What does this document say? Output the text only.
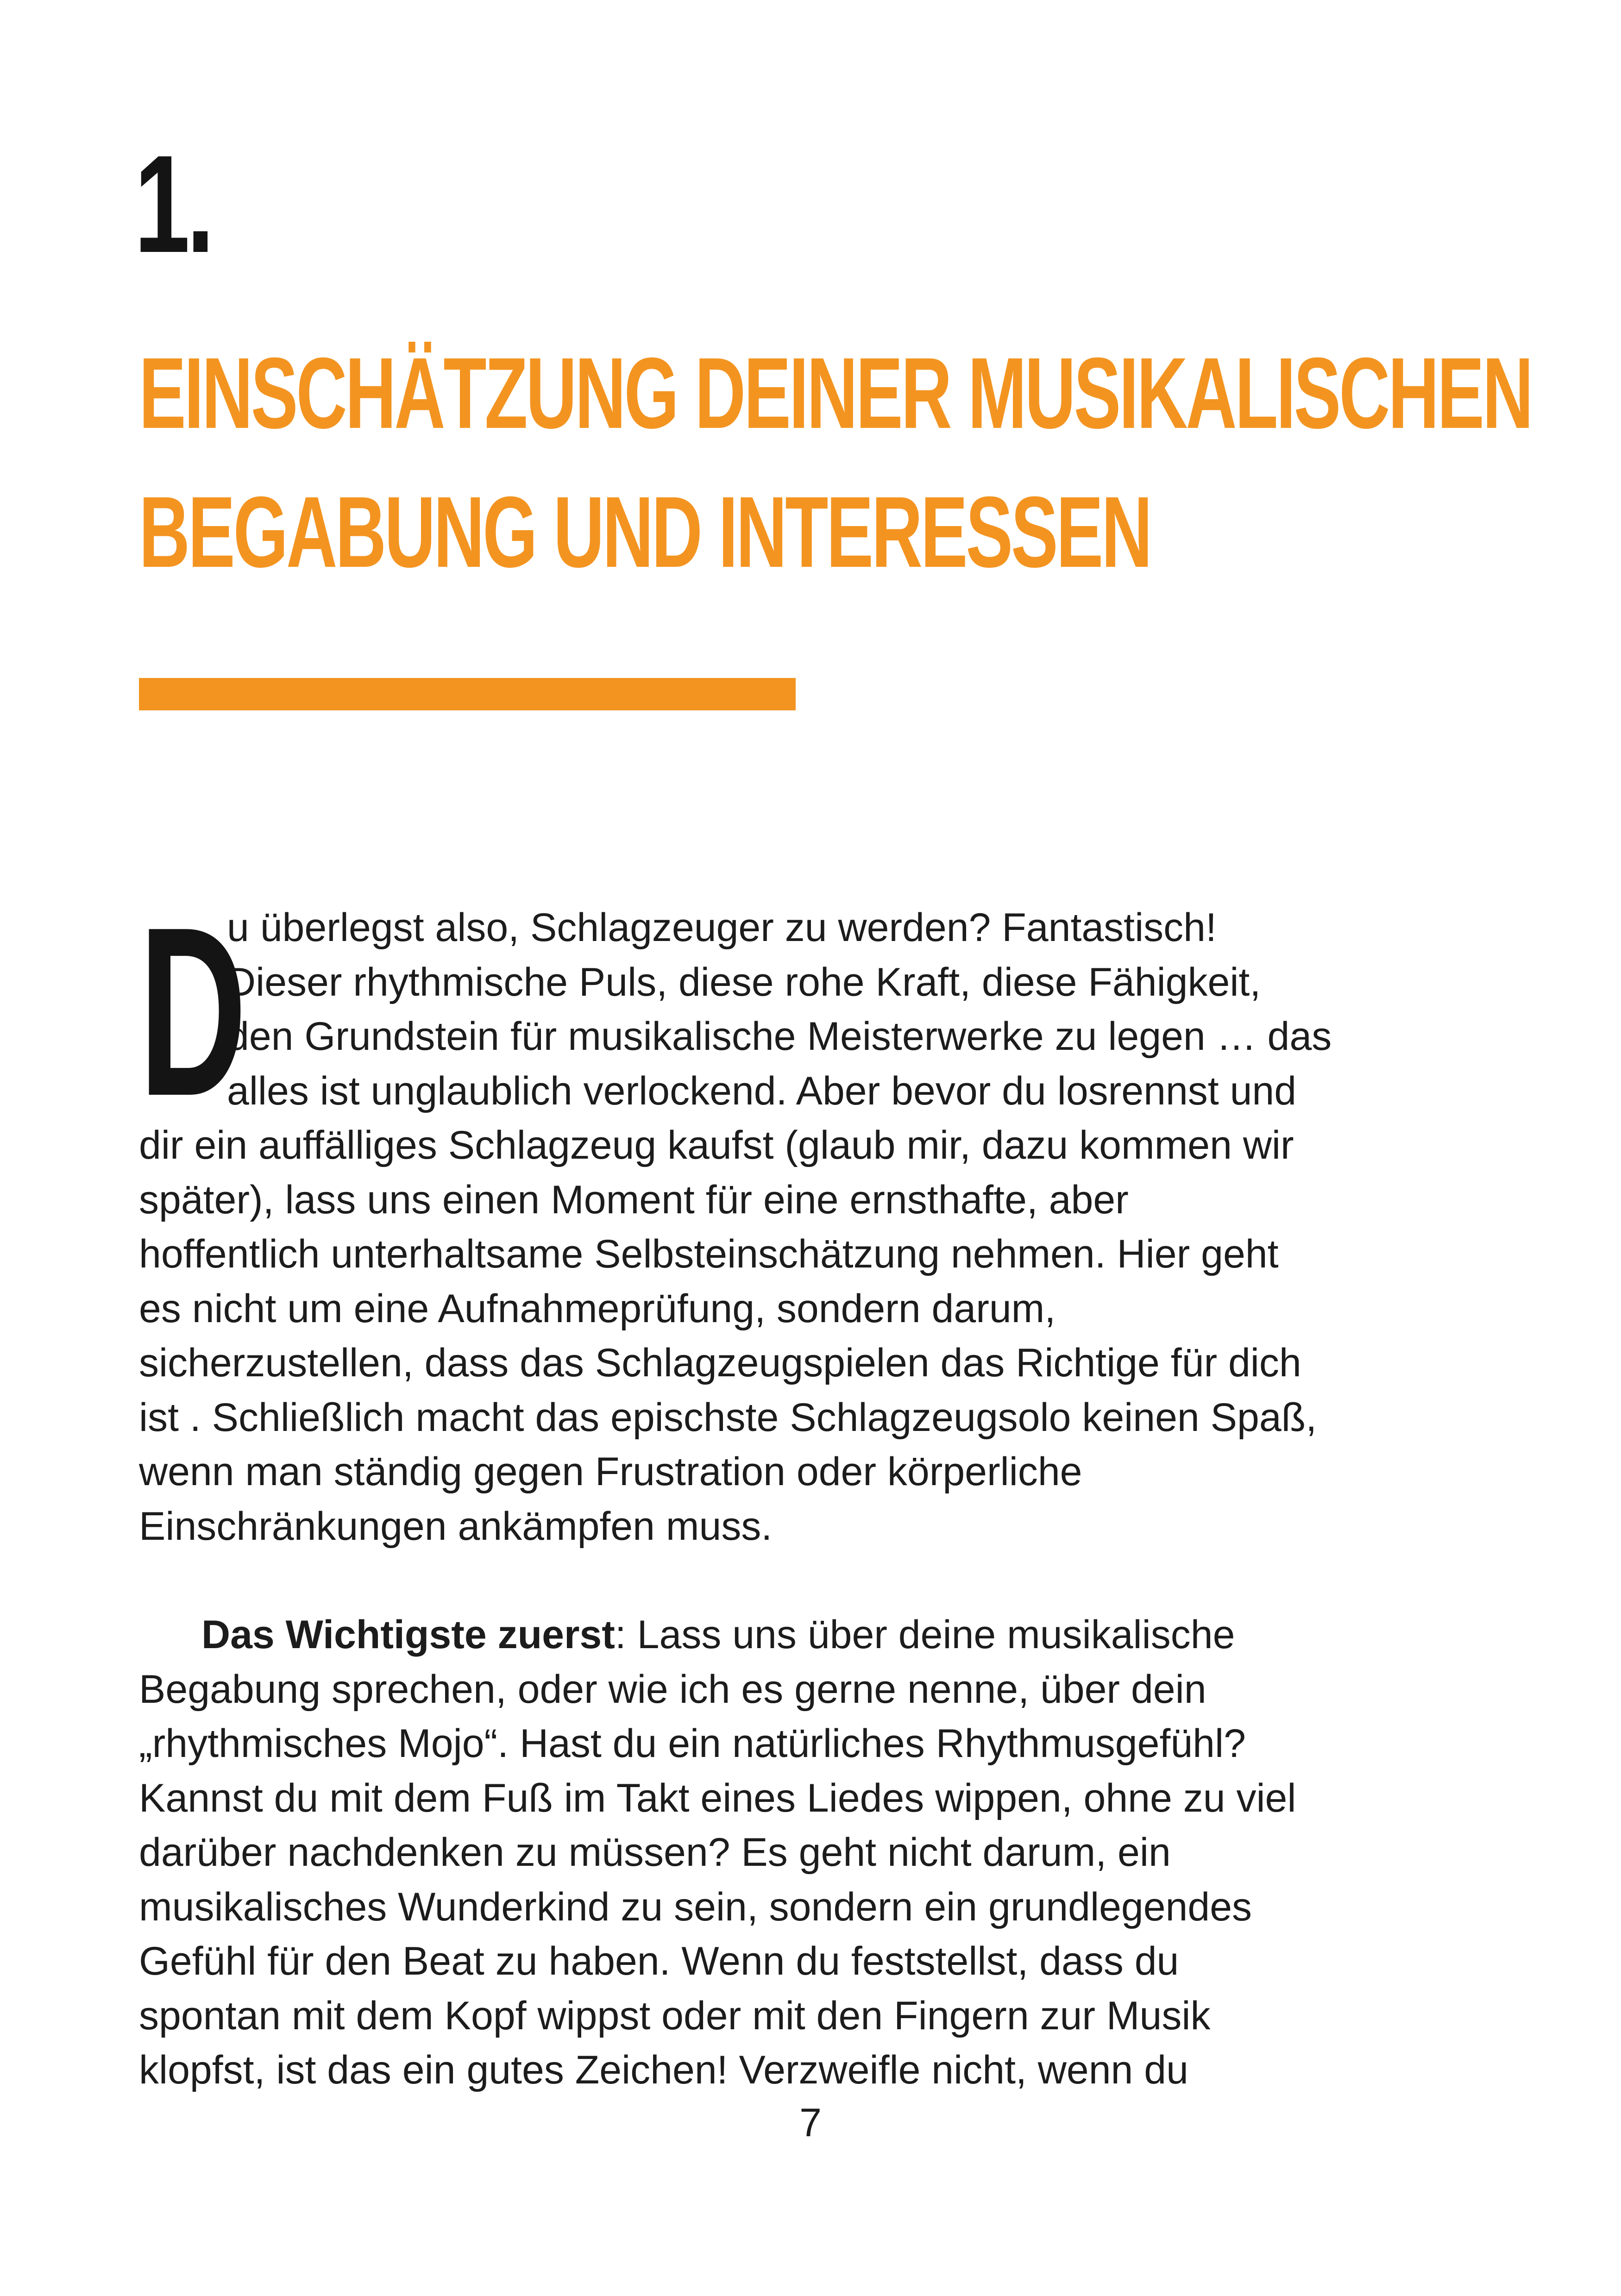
1.
EINSCHÄTZUNG DEINER MUSIKALISCHEN
BEGABUNG UND INTERESSEN

D
u überlegst also, Schlagzeuger zu werden? Fantastisch!
Dieser rhythmische Puls, diese rohe Kraft, diese Fähigkeit,
den Grundstein für musikalische Meisterwerke zu legen … das
alles ist unglaublich verlockend. Aber bevor du losrennst und
dir ein auffälliges Schlagzeug kaufst (glaub mir, dazu kommen wir
später), lass uns einen Moment für eine ernsthafte, aber
hoffentlich unterhaltsame Selbsteinschätzung nehmen. Hier geht
es nicht um eine Aufnahmeprüfung, sondern darum,
sicherzustellen, dass das Schlagzeugspielen das Richtige für dich
ist . Schließlich macht das epischste Schlagzeugsolo keinen Spaß,
wenn man ständig gegen Frustration oder körperliche
Einschränkungen ankämpfen muss.

Das Wichtigste zuerst: Lass uns über deine musikalische
Begabung sprechen, oder wie ich es gerne nenne, über dein
„rhythmisches Mojo“. Hast du ein natürliches Rhythmusgefühl?
Kannst du mit dem Fuß im Takt eines Liedes wippen, ohne zu viel
darüber nachdenken zu müssen? Es geht nicht darum, ein
musikalisches Wunderkind zu sein, sondern ein grundlegendes
Gefühl für den Beat zu haben. Wenn du feststellst, dass du
spontan mit dem Kopf wippst oder mit den Fingern zur Musik
klopfst, ist das ein gutes Zeichen! Verzweifle nicht, wenn du

7
